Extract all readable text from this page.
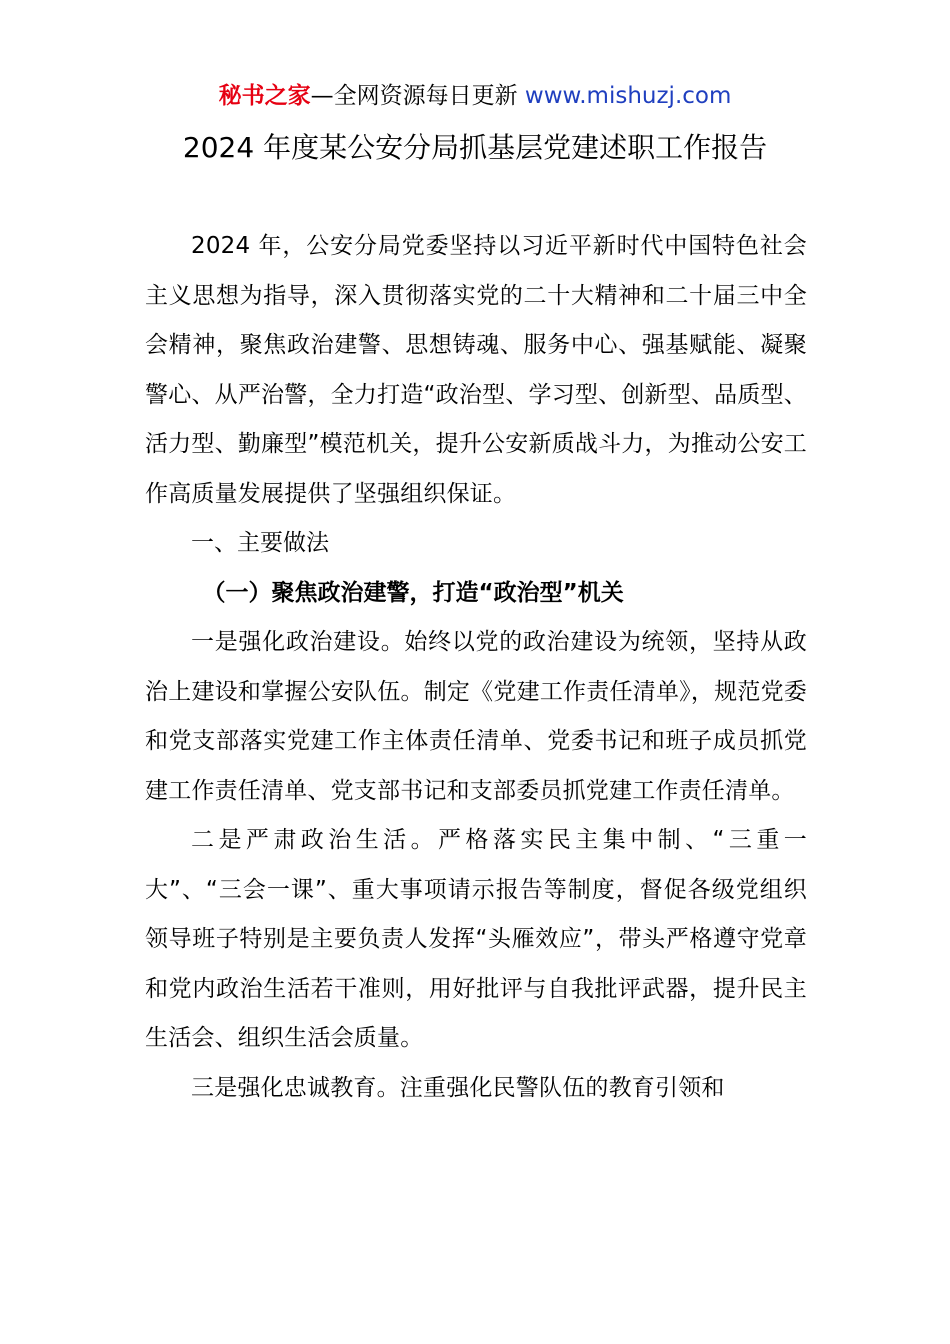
秘书之家—全网资源每日更新 www.mishuzj.com
2024 年度某公安分局抓基层党建述职工作报告

2024 年，公安分局党委坚持以习近平新时代中国特色社会主义思想为指导，深入贯彻落实党的二十大精神和二十届三中全会精神，聚焦政治建警、思想铸魂、服务中心、强基赋能、凝聚警心、从严治警，全力打造“政治型、学习型、创新型、品质型、活力型、勤廉型”模范机关，提升公安新质战斗力，为推动公安工作高质量发展提供了坚强组织保证。

一、主要做法

（一）聚焦政治建警，打造“政治型”机关

一是强化政治建设。始终以党的政治建设为统领，坚持从政治上建设和掌握公安队伍。制定《党建工作责任清单》，规范党委和党支部落实党建工作主体责任清单、党委书记和班子成员抓党建工作责任清单、党支部书记和支部委员抓党建工作责任清单。

二是严肃政治生活。严格落实民主集中制、“三重一大”、“三会一课”、重大事项请示报告等制度，督促各级党组织领导班子特别是主要负责人发挥“头雁效应”，带头严格遵守党章和党内政治生活若干准则，用好批评与自我批评武器，提升民主生活会、组织生活会质量。

三是强化忠诚教育。注重强化民警队伍的教育引领和
